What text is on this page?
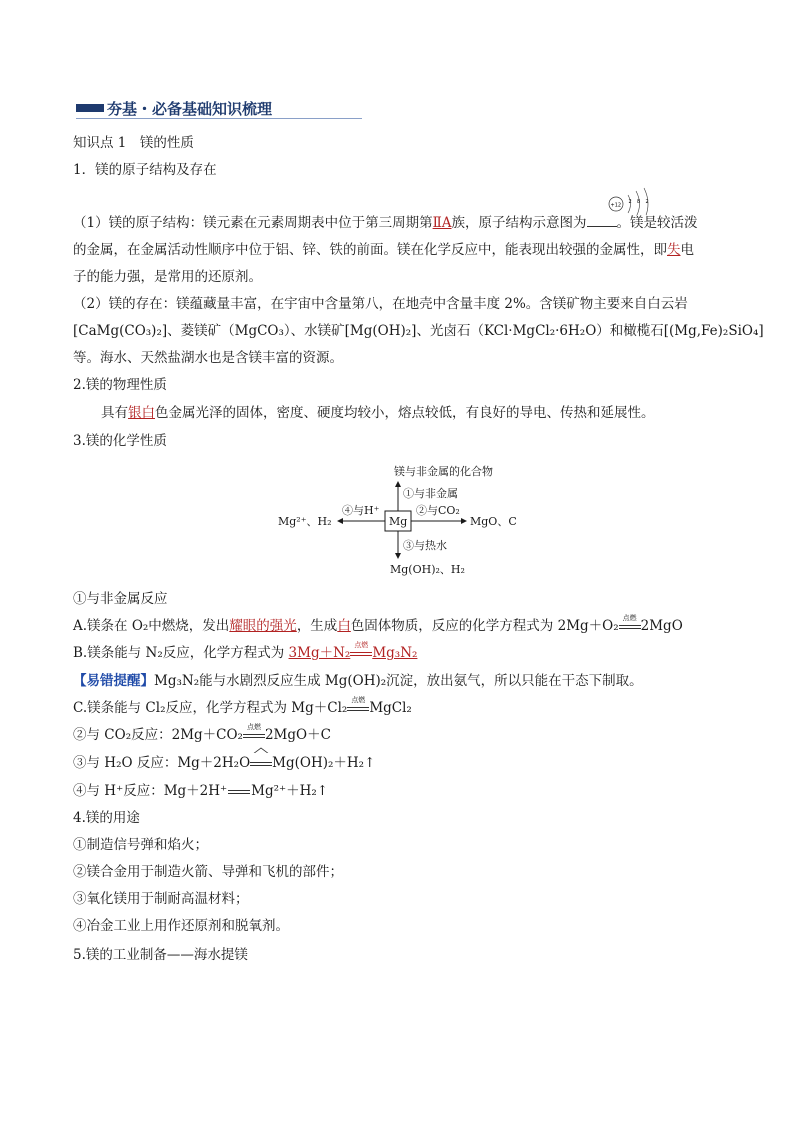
夯基・必备基础知识梳理
知识点 1　镁的性质
1．镁的原子结构及存在
（1）镁的原子结构：镁元素在元素周期表中位于第三周期第ⅡA族，原子结构示意图为 。镁是较活泼
+12
2 8 2
的金属，在金属活动性顺序中位于铝、锌、铁的前面。镁在化学反应中，能表现出较强的金属性，即失电
子的能力强，是常用的还原剂。
（2）镁的存在：镁蕴藏量丰富，在宇宙中含量第八，在地壳中含量丰度 2%。含镁矿物主要来自白云岩
[CaMg(CO₃)₂]、菱镁矿（MgCO₃）、水镁矿[Mg(OH)₂]、光卤石（KCl·MgCl₂·6H₂O）和橄榄石[(Mg,Fe)₂SiO₄]
等。海水、天然盐湖水也是含镁丰富的资源。
2.镁的物理性质
具有银白色金属光泽的固体，密度、硬度均较小，熔点较低，有良好的导电、传热和延展性。
3.镁的化学性质
镁与非金属的化合物
①与非金属
Mg
④与H⁺
Mg²⁺、H₂
②与CO₂
MgO、C
③与热水
Mg(OH)₂、H₂
①与非金属反应
A.镁条在 O₂中燃烧，发出耀眼的强光，生成白色固体物质，反应的化学方程式为 2Mg＋O₂ 点燃 2MgO
B.镁条能与 N₂反应，化学方程式为 3Mg＋N₂ 点燃 Mg₃N₂
【易错提醒】Mg₃N₂能与水剧烈反应生成 Mg(OH)₂沉淀，放出氨气，所以只能在干态下制取。
C.镁条能与 Cl₂反应，化学方程式为 Mg＋Cl₂ 点燃 MgCl₂
②与 CO₂反应：2Mg＋CO₂ 点燃 2MgO＋C
③与 H₂O 反应：Mg＋2H₂O Mg(OH)₂＋H₂↑
④与 H⁺反应：Mg＋2H⁺ Mg²⁺＋H₂↑
4.镁的用途
①制造信号弹和焰火；
②镁合金用于制造火箭、导弹和飞机的部件；
③氧化镁用于制耐高温材料；
④冶金工业上用作还原剂和脱氧剂。
5.镁的工业制备——海水提镁
